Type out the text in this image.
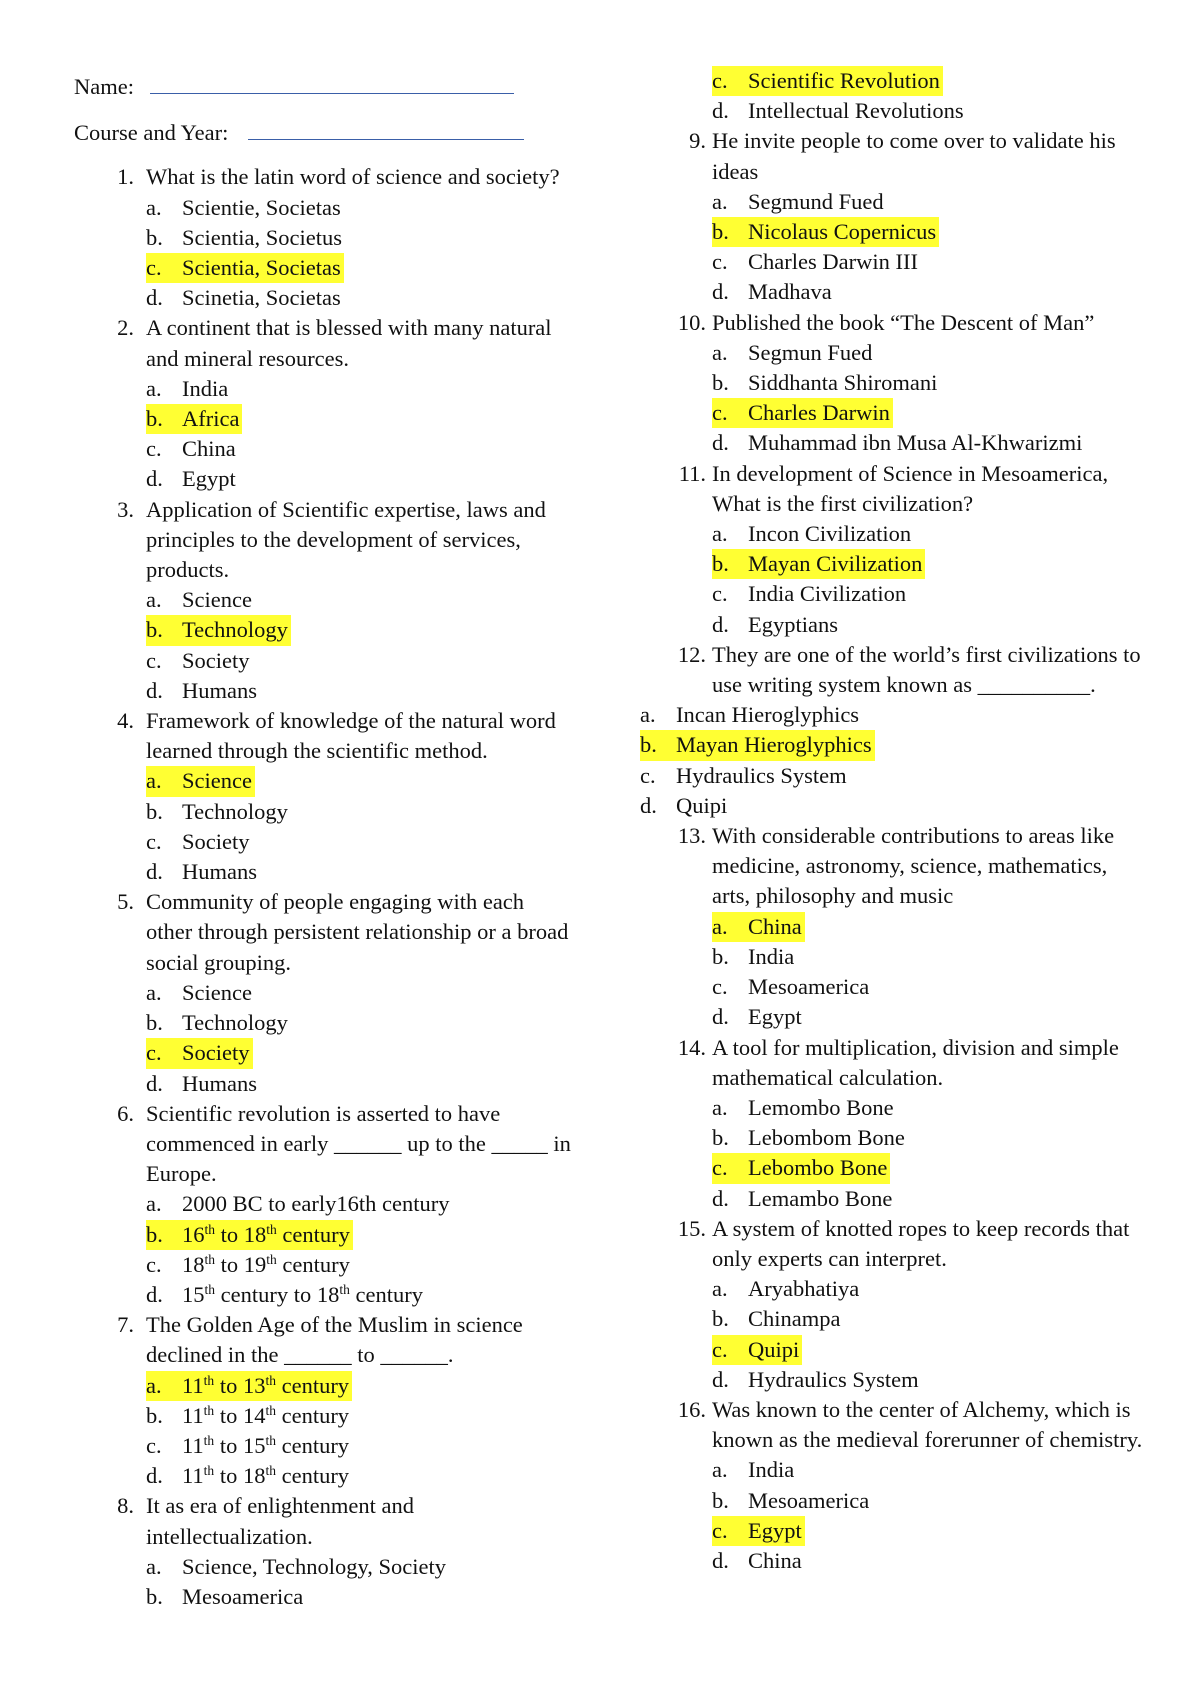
Name:
Course and Year:
1. What is the latin word of science and society?
a. Scientie, Societas
b. Scientia, Societus
c. Scientia, Societas
d. Scinetia, Societas
2. A continent that is blessed with many natural and mineral resources.
a. India
b. Africa
c. China
d. Egypt
3. Application of Scientific expertise, laws and principles to the development of services, products.
a. Science
b. Technology
c. Society
d. Humans
4. Framework of knowledge of the natural word learned through the scientific method.
a. Science
b. Technology
c. Society
d. Humans
5. Community of people engaging with each other through persistent relationship or a broad social grouping.
a. Science
b. Technology
c. Society
d. Humans
6. Scientific revolution is asserted to have commenced in early ______ up to the _____ in Europe.
a. 2000 BC to early16th century
b. 16th to 18th century
c. 18th to 19th century
d. 15th century to 18th century
7. The Golden Age of the Muslim in science declined in the ______ to ______.
a. 11th to 13th century
b. 11th to 14th century
c. 11th to 15th century
d. 11th to 18th century
8. It as era of enlightenment and intellectualization.
a. Science, Technology, Society
b. Mesoamerica
c. Scientific Revolution
d. Intellectual Revolutions
9. He invite people to come over to validate his ideas
a. Segmund Fued
b. Nicolaus Copernicus
c. Charles Darwin III
d. Madhava
10. Published the book “The Descent of Man”
a. Segmun Fued
b. Siddhanta Shiromani
c. Charles Darwin
d. Muhammad ibn Musa Al-Khwarizmi
11. In development of Science in Mesoamerica, What is the first civilization?
a. Incon Civilization
b. Mayan Civilization
c. India Civilization
d. Egyptians
12. They are one of the world’s first civilizations to use writing system known as __________.
a. Incan Hieroglyphics
b. Mayan Hieroglyphics
c. Hydraulics System
d. Quipi
13. With considerable contributions to areas like medicine, astronomy, science, mathematics, arts, philosophy and music
a. China
b. India
c. Mesoamerica
d. Egypt
14. A tool for multiplication, division and simple mathematical calculation.
a. Lemombo Bone
b. Lebombom Bone
c. Lebombo Bone
d. Lemambo Bone
15. A system of knotted ropes to keep records that only experts can interpret.
a. Aryabhatiya
b. Chinampa
c. Quipi
d. Hydraulics System
16. Was known to the center of Alchemy, which is known as the medieval forerunner of chemistry.
a. India
b. Mesoamerica
c. Egypt
d. China
